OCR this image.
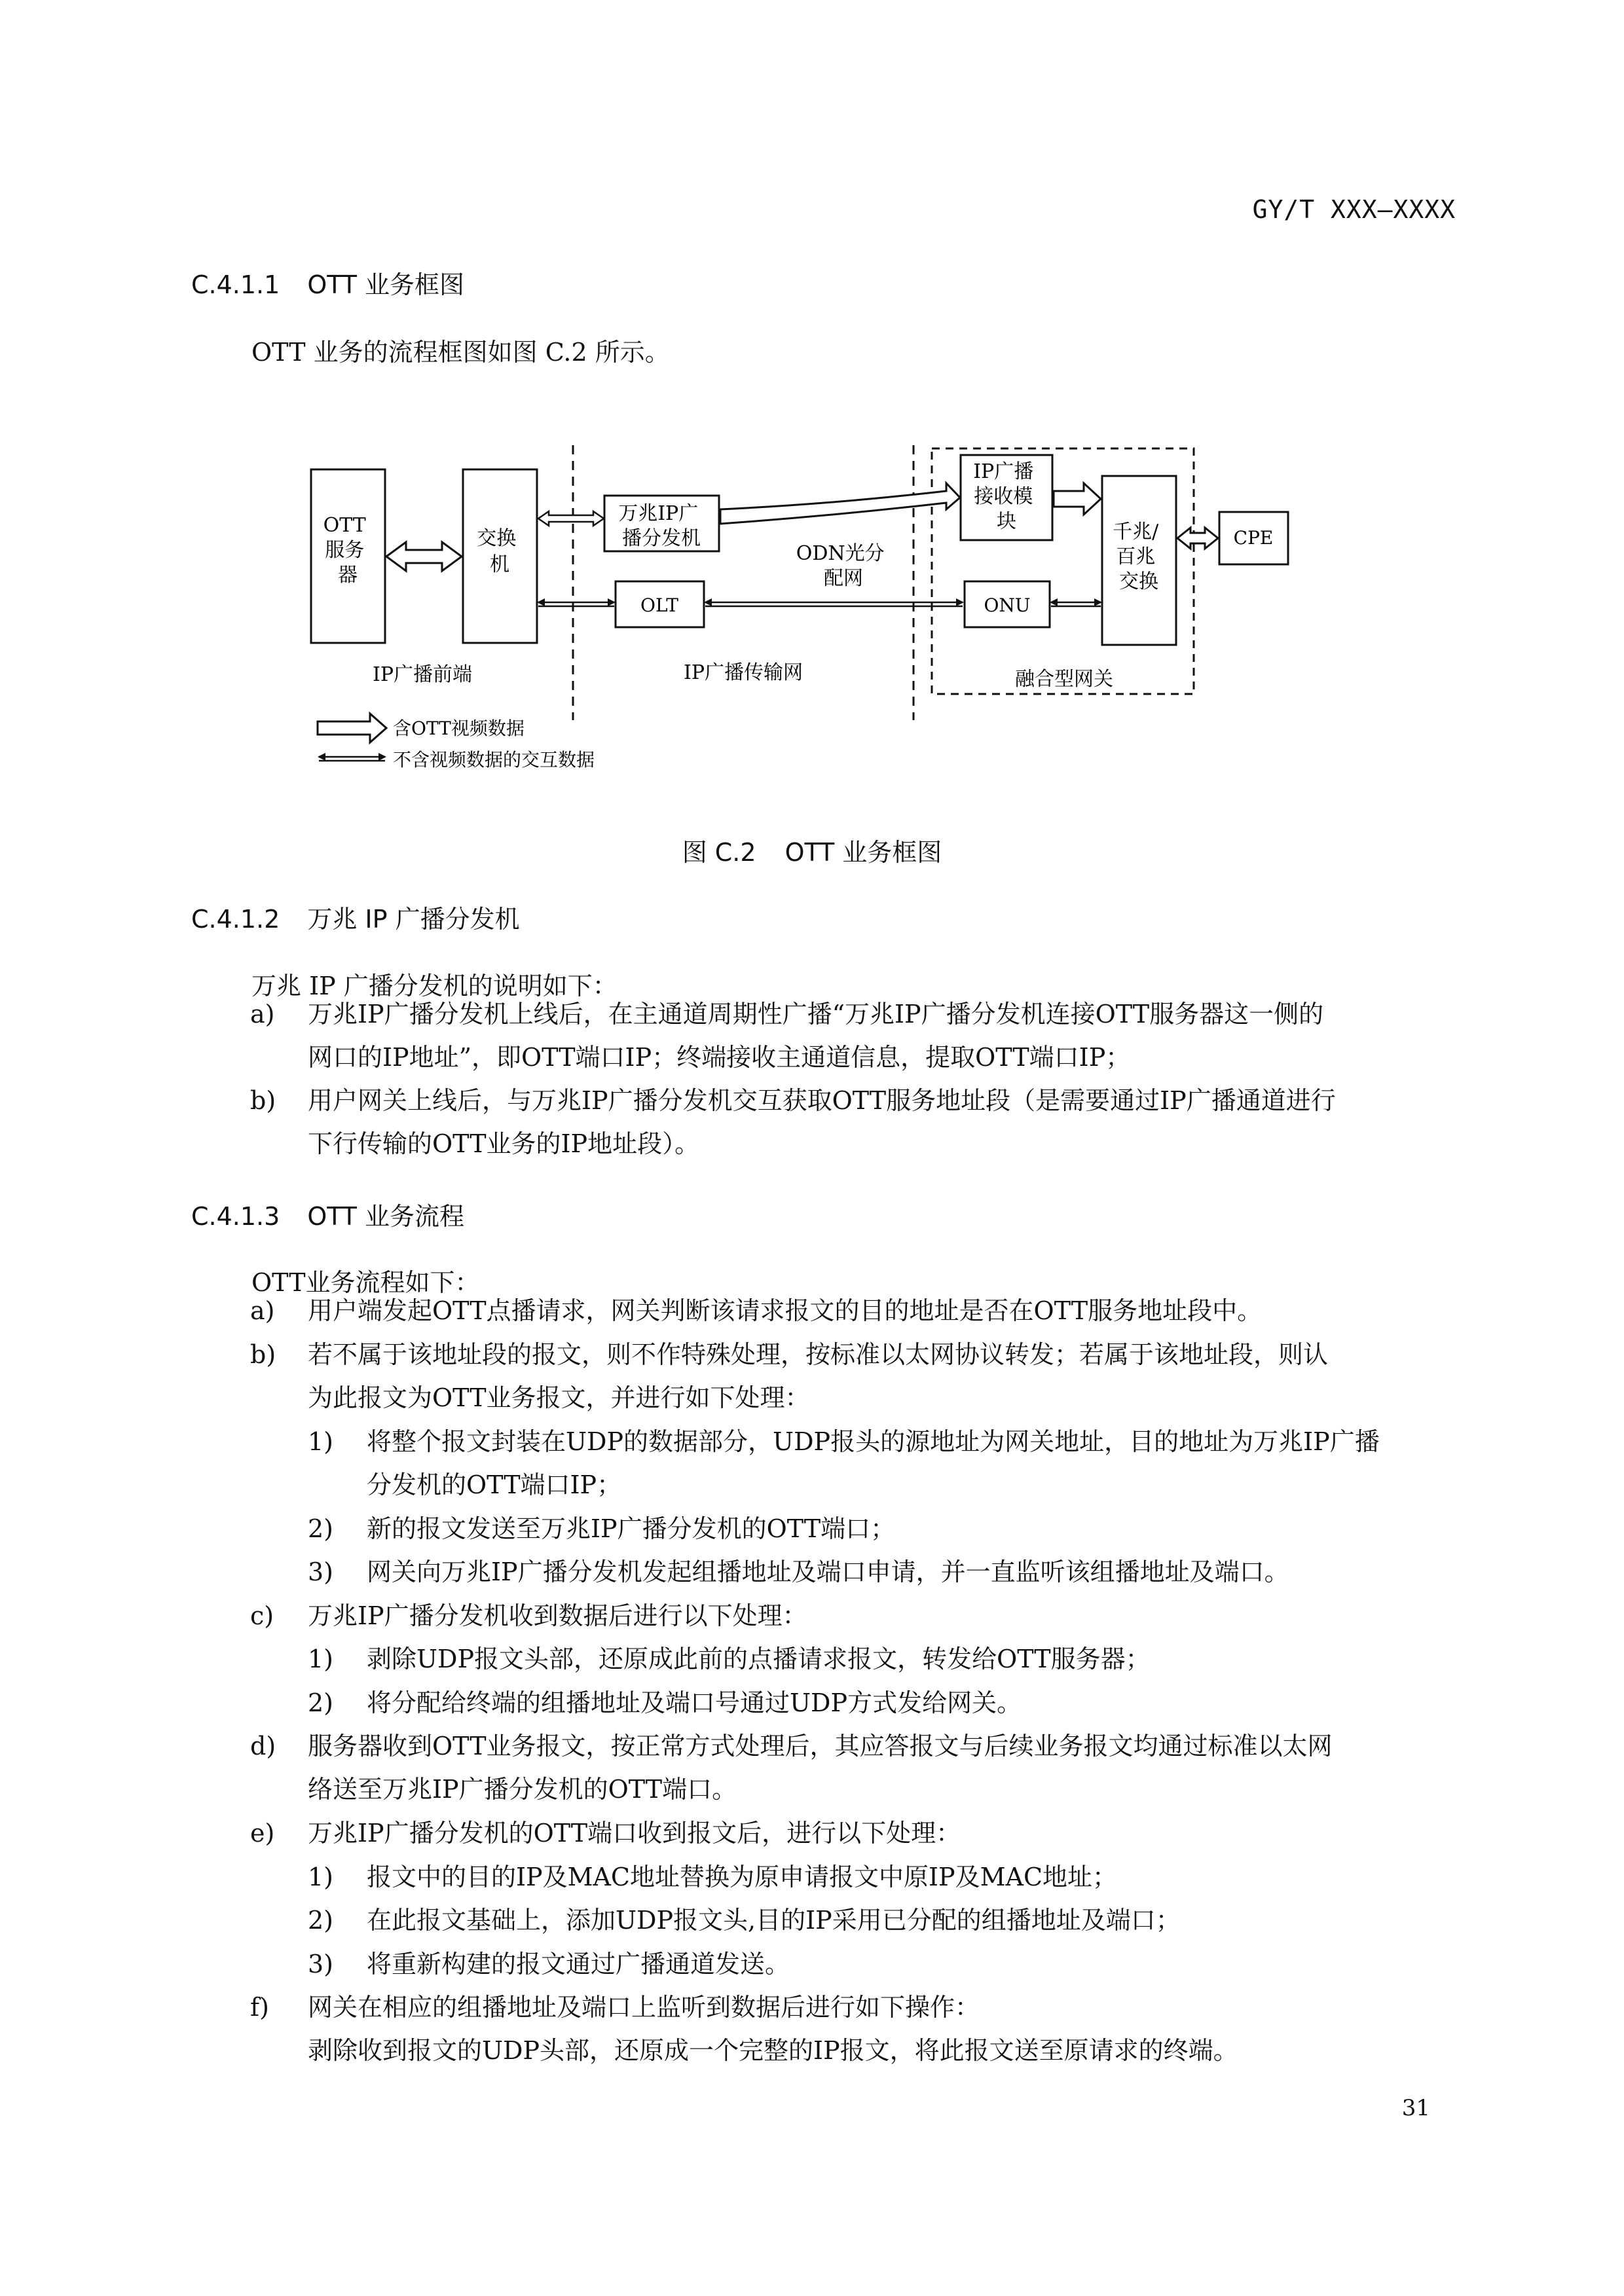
GY/T XXX—XXXX
C.4.1.1 OTT 业务框图
OTT 业务的流程框图如图 C.2 所示。
OTT 服务 器
交换 机
万兆IP广 播分发机
OLT
ODN光分 配网
IP广播 接收模 块
ONU
千兆/ 百兆 交换
CPE
IP广播前端	IP广播传输网	融合型网关
含OTT视频数据
不含视频数据的交互数据
图 C.2 OTT 业务框图
C.4.1.2 万兆 IP 广播分发机
万兆 IP 广播分发机的说明如下：
a) 万兆IP广播分发机上线后，在主通道周期性广播“万兆IP广播分发机连接OTT服务器这一侧的
网口的IP地址”，即OTT端口IP；终端接收主通道信息，提取OTT端口IP；
b) 用户网关上线后，与万兆IP广播分发机交互获取OTT服务地址段（是需要通过IP广播通道进行
下行传输的OTT业务的IP地址段）。
C.4.1.3 OTT 业务流程
OTT业务流程如下：
a) 用户端发起OTT点播请求，网关判断该请求报文的目的地址是否在OTT服务地址段中。
b) 若不属于该地址段的报文，则不作特殊处理，按标准以太网协议转发；若属于该地址段，则认
为此报文为OTT业务报文，并进行如下处理：
1) 将整个报文封装在UDP的数据部分，UDP报头的源地址为网关地址，目的地址为万兆IP广播
分发机的OTT端口IP；
2) 新的报文发送至万兆IP广播分发机的OTT端口；
3) 网关向万兆IP广播分发机发起组播地址及端口申请，并一直监听该组播地址及端口。
c) 万兆IP广播分发机收到数据后进行以下处理：
1) 剥除UDP报文头部，还原成此前的点播请求报文，转发给OTT服务器；
2) 将分配给终端的组播地址及端口号通过UDP方式发给网关。
d) 服务器收到OTT业务报文，按正常方式处理后，其应答报文与后续业务报文均通过标准以太网
络送至万兆IP广播分发机的OTT端口。
e) 万兆IP广播分发机的OTT端口收到报文后，进行以下处理：
1) 报文中的目的IP及MAC地址替换为原申请报文中原IP及MAC地址；
2) 在此报文基础上，添加UDP报文头,目的IP采用已分配的组播地址及端口；
3) 将重新构建的报文通过广播通道发送。
f) 网关在相应的组播地址及端口上监听到数据后进行如下操作：
剥除收到报文的UDP头部，还原成一个完整的IP报文，将此报文送至原请求的终端。
31
